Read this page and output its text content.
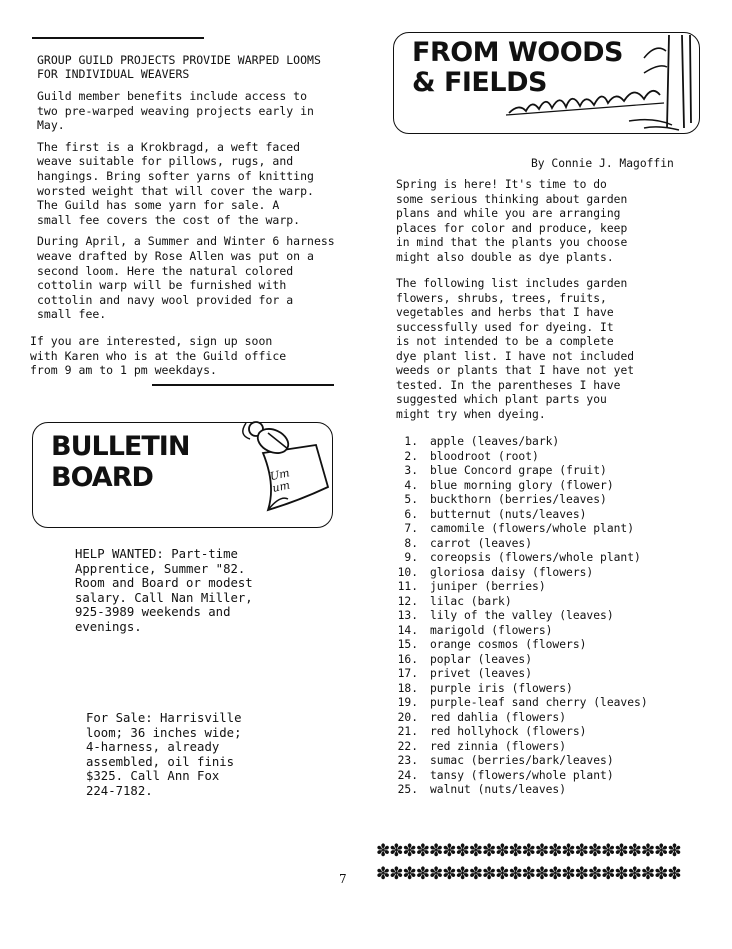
GROUP GUILD PROJECTS PROVIDE WARPED LOOMS
FOR INDIVIDUAL WEAVERS

Guild member benefits include access to
two pre-warped weaving projects early in
May.

The first is a Krokbragd, a weft faced
weave suitable for pillows, rugs, and
hangings. Bring softer yarns of knitting
worsted weight that will cover the warp.
The Guild has some yarn for sale. A
small fee covers the cost of the warp.

During April, a Summer and Winter 6 harness
weave drafted by Rose Allen was put on a
second loom. Here the natural colored
cottolin warp will be furnished with
cottolin and navy wool provided for a
small fee.

If you are interested, sign up soon
with Karen who is at the Guild office
from 9 am to 1 pm weekdays.
BULLETIN
BOARD	Um um
HELP WANTED: Part-time
Apprentice, Summer "82.
Room and Board or modest
salary. Call Nan Miller,
925-3989 weekends and
evenings.
For Sale: Harrisville
loom; 36 inches wide;
4-harness, already
assembled, oil finis
$325. Call Ann Fox
224-7182.
FROM WOODS
& FIELDS
By Connie J. Magoffin

Spring is here! It's time to do
some serious thinking about garden
plans and while you are arranging
places for color and produce, keep
in mind that the plants you choose
might also double as dye plants.

The following list includes garden
flowers, shrubs, trees, fruits,
vegetables and herbs that I have
successfully used for dyeing. It
is not intended to be a complete
dye plant list. I have not included
weeds or plants that I have not yet
tested. In the parentheses I have
suggested which plant parts you
might try when dyeing.
1. apple (leaves/bark)
2. bloodroot (root)
3. blue Concord grape (fruit)
4. blue morning glory (flower)
5. buckthorn (berries/leaves)
6. butternut (nuts/leaves)
7. camomile (flowers/whole plant)
8. carrot (leaves)
9. coreopsis (flowers/whole plant)
10. gloriosa daisy (flowers)
11. juniper (berries)
12. lilac (bark)
13. lily of the valley (leaves)
14. marigold (flowers)
15. orange cosmos (flowers)
16. poplar (leaves)
17. privet (leaves)
18. purple iris (flowers)
19. purple-leaf sand cherry (leaves)
20. red dahlia (flowers)
21. red hollyhock (flowers)
22. red zinnia (flowers)
23. sumac (berries/bark/leaves)
24. tansy (flowers/whole plant)
25. walnut (nuts/leaves)
✽✽✽✽✽✽✽✽✽✽✽✽✽✽✽✽✽✽✽✽✽✽✽
✽✽✽✽✽✽✽✽✽✽✽✽✽✽✽✽✽✽✽✽✽✽✽
7
